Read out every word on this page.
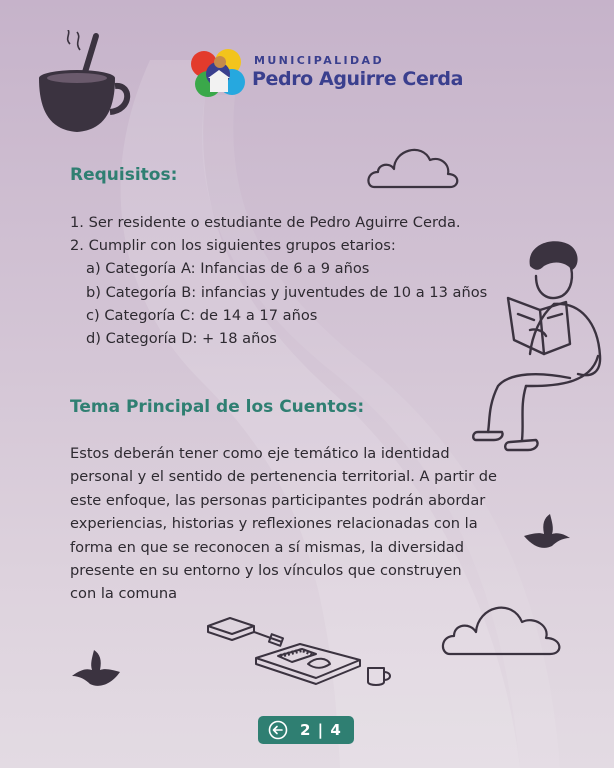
MUNICIPALIDAD
Pedro Aguirre Cerda
Requisitos:
1. Ser residente o estudiante de Pedro Aguirre Cerda.
2. Cumplir con los siguientes grupos etarios:
a) Categoría A: Infancias de 6 a 9 años
b) Categoría B: infancias y juventudes de 10 a 13 años
c) Categoría C: de 14 a 17 años
d) Categoría D: + 18 años
Tema Principal de los Cuentos:
Estos deberán tener como eje temático la identidad
personal y el sentido de pertenencia territorial. A partir de
este enfoque, las personas participantes podrán abordar
experiencias, historias y reflexiones relacionadas con la
forma en que se reconocen a sí mismas, la diversidad
presente en su entorno y los vínculos que construyen
con la comuna
2 | 4
